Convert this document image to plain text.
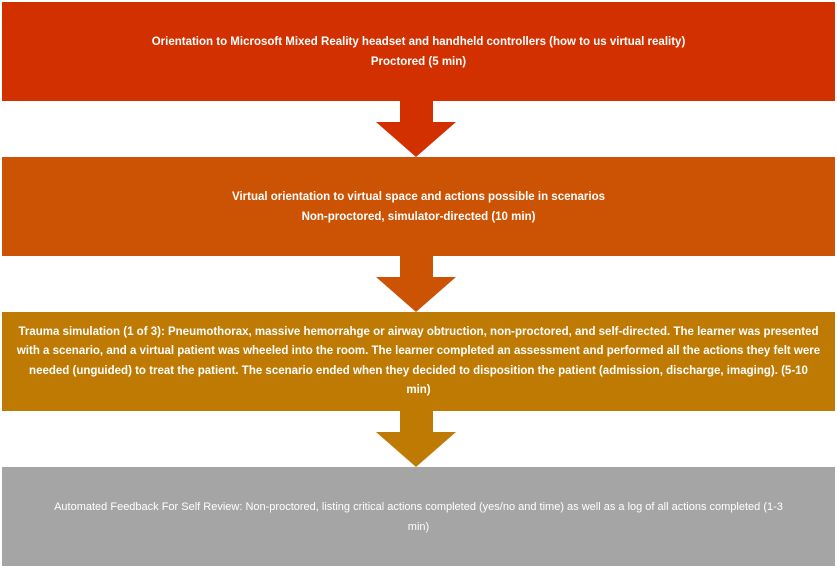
Orientation to Microsoft Mixed Reality headset and handheld controllers (how to us virtual reality)
Proctored (5 min)
Virtual orientation to virtual space and actions possible in scenarios
Non-proctored, simulator-directed (10 min)
Trauma simulation (1 of 3): Pneumothorax, massive hemorrahge or airway obtruction, non-proctored, and self-directed. The learner was presented
with a scenario, and a virtual patient was wheeled into the room. The learner completed an assessment and performed all the actions they felt were
needed (unguided) to treat the patient. The scenario ended when they decided to disposition the patient (admission, discharge, imaging). (5-10 min)
Automated Feedback For Self Review: Non-proctored, listing critical actions completed (yes/no and time) as well as a log of all actions completed (1-3
min)
